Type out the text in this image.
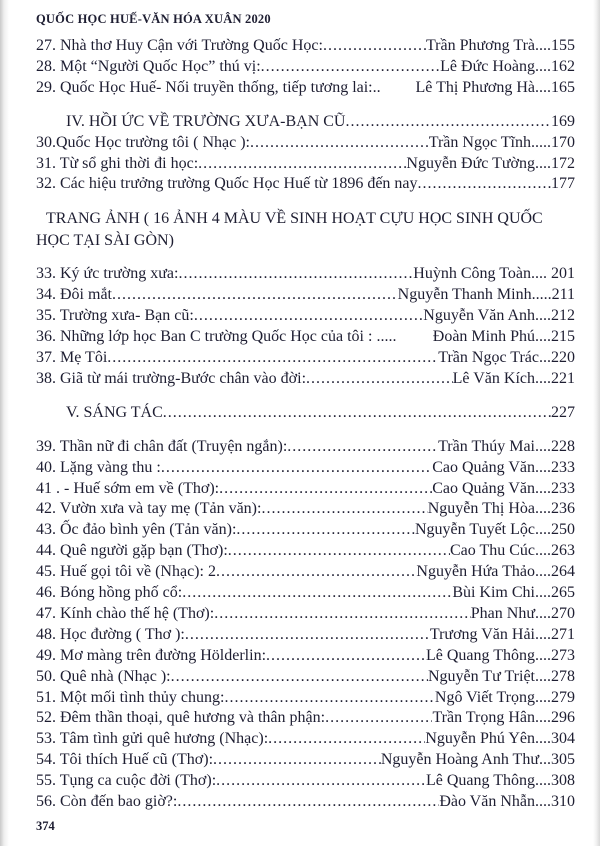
QUỐC HỌC HUẾ-VĂN HÓA XUÂN 2020
27. Nhà thơ Huy Cận với Trường Quốc Học: .....	Trần Phương Trà....155
28. Một “Người Quốc Học” thú vị: .....	Lê Đức Hoàng....162
29. Quốc Học Huế- Nối truyền thống, tiếp tương lai:.. Lê Thị Phương Hà....165
IV. HỒI ỨC VỀ TRƯỜNG XƯA-BẠN CŨ .....	169
30.Quốc Học trường tôi ( Nhạc ): .....	Trần Ngọc Tĩnh.....170
31. Từ sổ ghi thời đi học: .....	Nguyễn Đức Tường....172
32. Các hiệu trưởng trường Quốc Học Huế từ 1896 đến nay .....	177
TRANG ẢNH ( 16 ẢNH 4 MÀU VỀ SINH HOẠT CỰU HỌC SINH QUỐC HỌC TẠI SÀI GÒN)
33. Ký ức trường xưa: .....	Huỳnh Công Toàn.... 201
34. Đôi mắt .....	Nguyễn Thanh Minh.....211
35. Trường xưa- Bạn cũ: .....	Nguyễn Văn Anh....212
36. Những lớp học Ban C trường Quốc Học của tôi : ..... Đoàn Minh Phú....215
37. Mẹ Tôi .....	Trần Ngọc Trác...220
38. Giã từ mái trường-Bước chân vào đời: .....	Lê Văn Kích....221
V. SÁNG TÁC .....	227
39. Thần nữ đi chân đất (Truyện ngắn): .....	Trần Thúy Mai....228
40. Lặng vàng thu : .....	Cao Quảng Văn....233
41 . - Huế sớm em về (Thơ): .....	Cao Quảng Văn....233
42. Vườn xưa và tay mẹ (Tản văn): .....	Nguyễn Thị Hòa....236
43. Ốc đảo bình yên (Tản văn): .....	Nguyễn Tuyết Lộc....250
44. Quê người gặp bạn (Thơ): .....	Cao Thu Cúc....263
45. Huế gọi tôi về (Nhạc): 2 .....	Nguyễn Hứa Thảo....264
46. Bóng hồng phố cổ: .....	Bùi Kim Chi....265
47. Kính chào thế hệ (Thơ): .....	Phan Như....270
48. Học đường ( Thơ ): .....	Trương Văn Hải....271
49. Mơ màng trên đường Hölderlin: .....	Lê Quang Thông....273
50. Quê nhà (Nhạc ): .....	Nguyễn Tư Triệt....278
51. Một mối tình thủy chung: .....	Ngô Viết Trọng....279
52. Đêm thần thoại, quê hương và thân phận: .....	Trần Trọng Hân....296
53. Tâm tình gửi quê hương (Nhạc): .....	Nguyễn Phú Yên....304
54. Tôi thích Huế cũ (Thơ): .....	Nguyễn Hoàng Anh Thư...305
55. Tụng ca cuộc đời (Thơ): .....	Lê Quang Thông....308
56. Còn đến bao giờ?: .....	Đào Văn Nhẫn....310
374
